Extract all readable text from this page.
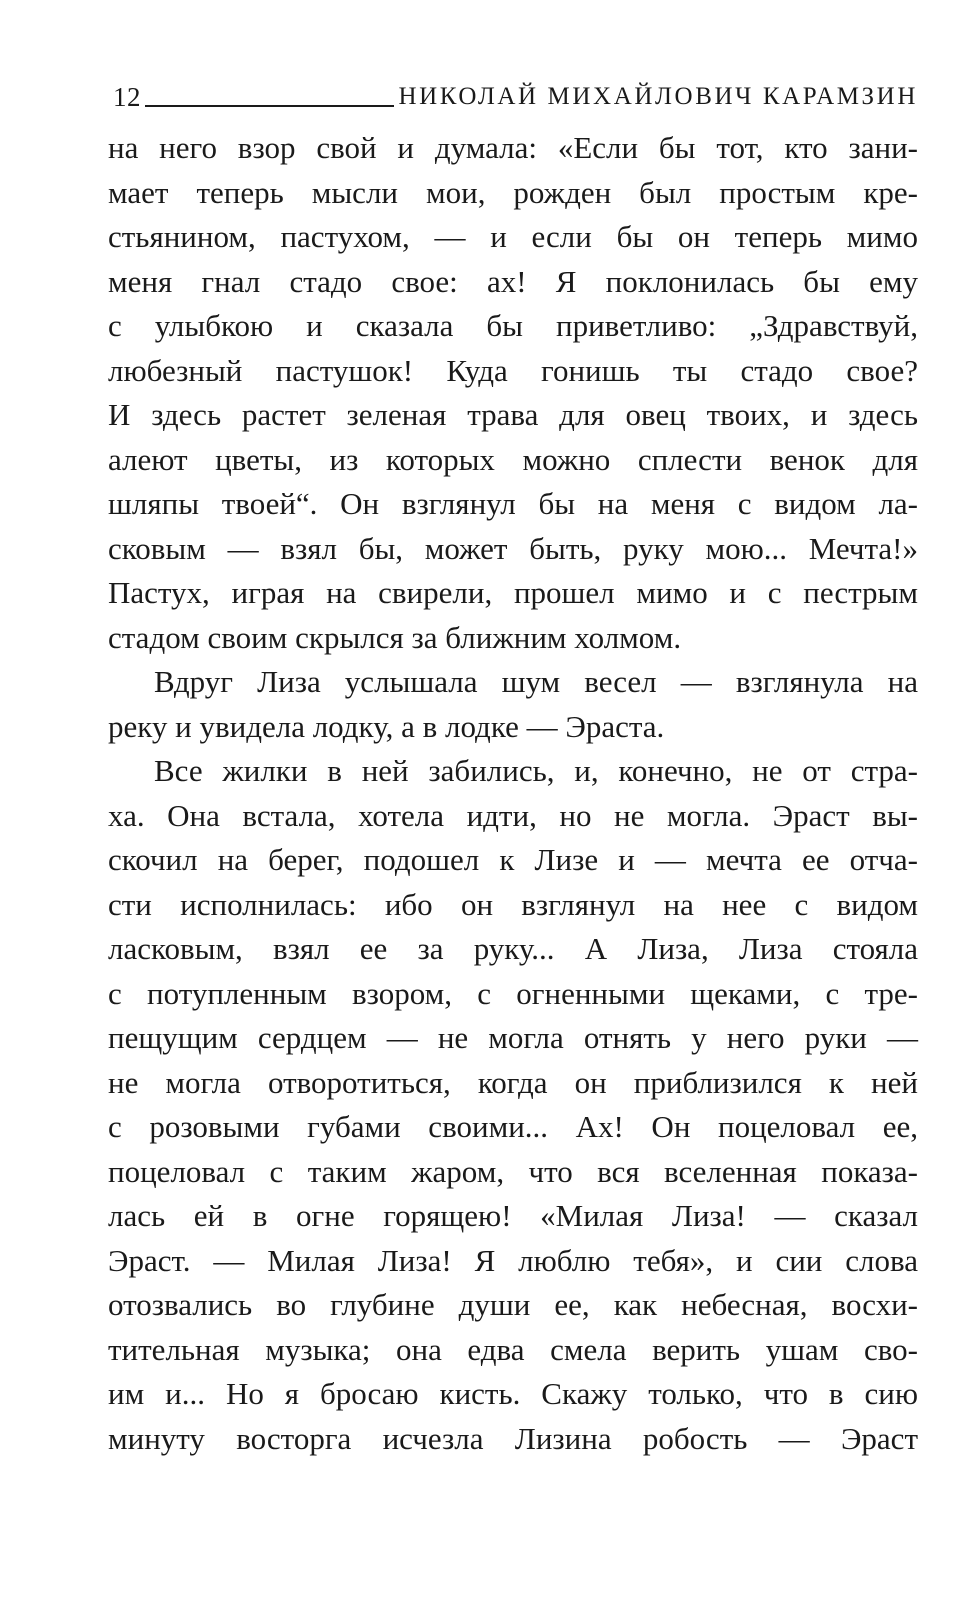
12	НИКОЛАЙ МИХАЙЛОВИЧ КАРАМЗИН
на него взор свой и думала: «Если бы тот, кто зани-
мает теперь мысли мои, рожден был простым кре-
стьянином, пастухом, — и если бы он теперь мимо
меня гнал стадо свое: ах! Я поклонилась бы ему
с улыбкою и сказала бы приветливо: „Здравствуй,
любезный пастушок! Куда гонишь ты стадо свое?
И здесь растет зеленая трава для овец твоих, и здесь
алеют цветы, из которых можно сплести венок для
шляпы твоей“. Он взглянул бы на меня с видом ла-
сковым — взял бы, может быть, руку мою... Мечта!»
Пастух, играя на свирели, прошел мимо и с пестрым
стадом своим скрылся за ближним холмом.
Вдруг Лиза услышала шум весел — взглянула на
реку и увидела лодку, а в лодке — Эраста.
Все жилки в ней забились, и, конечно, не от стра-
ха. Она встала, хотела идти, но не могла. Эраст вы-
скочил на берег, подошел к Лизе и — мечта ее отча-
сти исполнилась: ибо он взглянул на нее с видом
ласковым, взял ее за руку... А Лиза, Лиза стояла
с потупленным взором, с огненными щеками, с тре-
пещущим сердцем — не могла отнять у него руки —
не могла отворотиться, когда он приблизился к ней
с розовыми губами своими... Ах! Он поцеловал ее,
поцеловал с таким жаром, что вся вселенная показа-
лась ей в огне горящею! «Милая Лиза! — сказал
Эраст. — Милая Лиза! Я люблю тебя», и сии слова
отозвались во глубине души ее, как небесная, восхи-
тительная музыка; она едва смела верить ушам сво-
им и... Но я бросаю кисть. Скажу только, что в сию
минуту восторга исчезла Лизина робость — Эраст
